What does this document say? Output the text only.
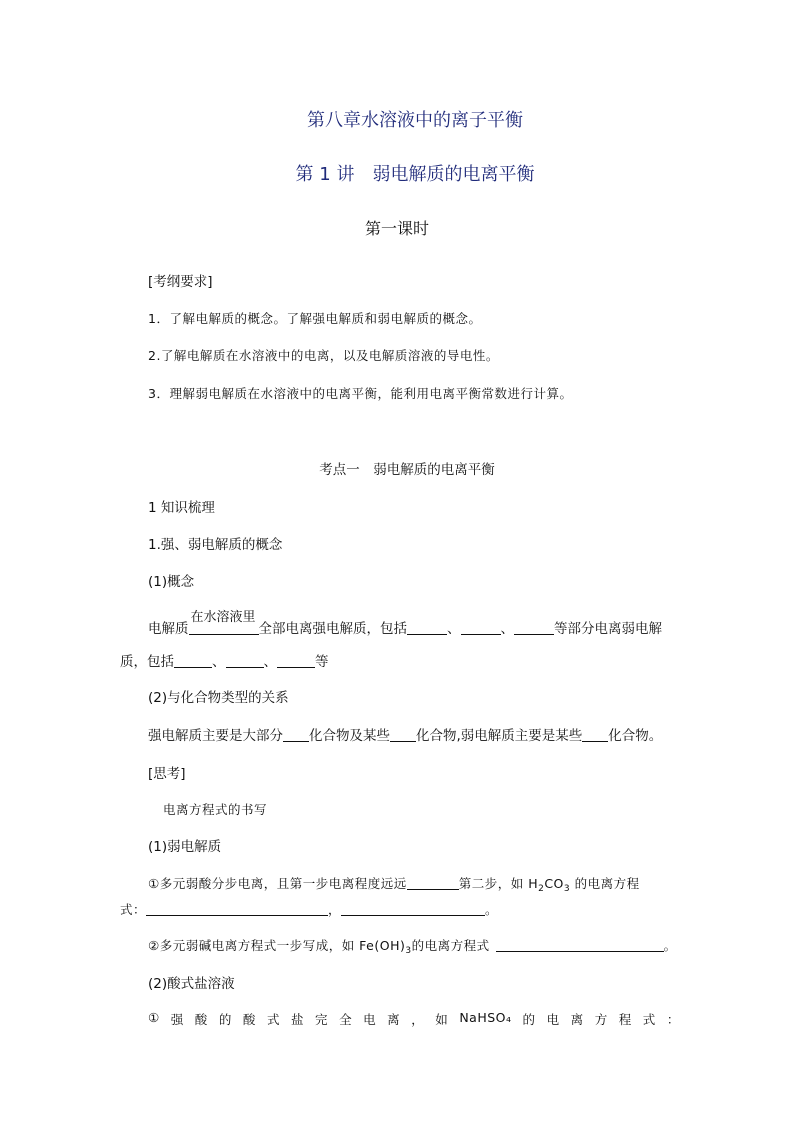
第八章水溶液中的离子平衡
第 1 讲　弱电解质的电离平衡
第一课时
[考纲要求]
1．了解电解质的概念。了解强电解质和弱电解质的概念。
2.了解电解质在水溶液中的电离，以及电解质溶液的导电性。
3．理解弱电解质在水溶液中的电离平衡，能利用电离平衡常数进行计算。
考点一　弱电解质的电离平衡
1 知识梳理
1.强、弱电解质的概念
(1)概念
电解质
在水溶液里
全部电离强电解质，包括	、	、	等部分电离弱电解
质，包括	、	、	等
(2)与化合物类型的关系
强电解质主要是大部分 化合物及某些 化合物,弱电解质主要是某些 化合物。
[思考]
电离方程式的书写
(1)弱电解质
①多元弱酸分步电离，且第一步电离程度远远	第二步，如 $H_2CO_3$ 的电离方程
式：	，	。
②多元弱碱电离方程式一步写成，如 $Fe(OH)_3$的电离方程式	。
(2)酸式盐溶液
① 强 酸 的 酸 式 盐 完 全 电 离 ， 如 NaHSO₄ 的 电 离 方 程 式 ：
